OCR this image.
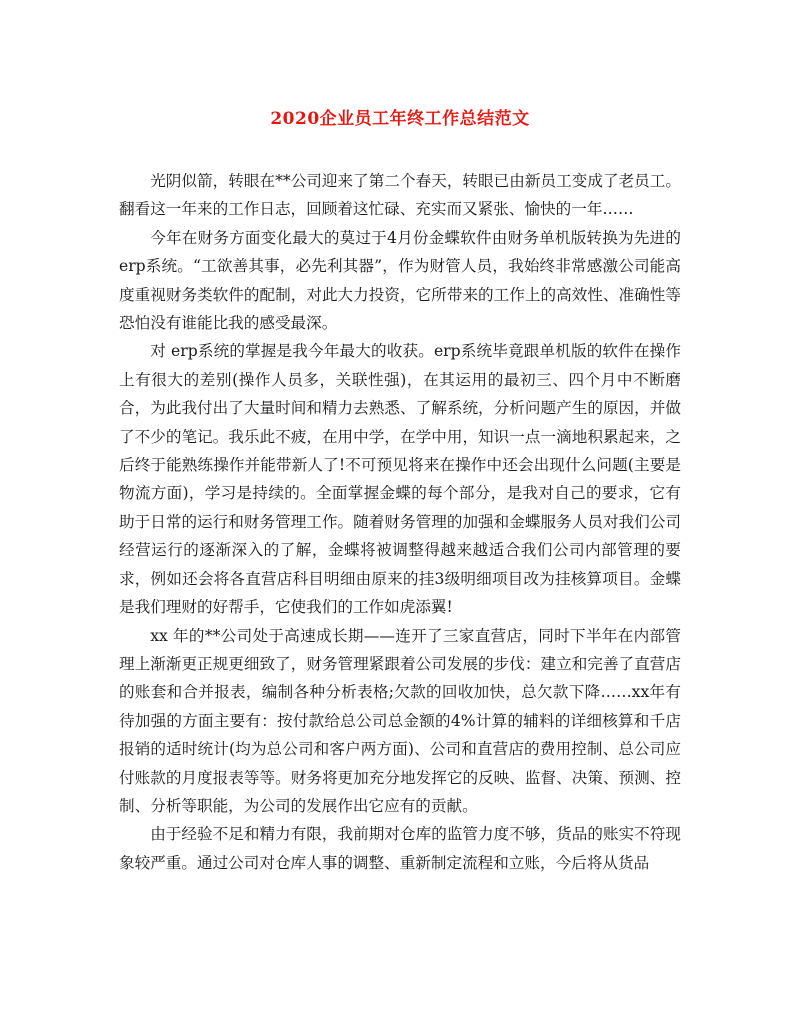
2020企业员工年终工作总结范文

光阴似箭，转眼在**公司迎来了第二个春天，转眼已由新员工变成了老员工。翻看这一年来的工作日志，回顾着这忙碌、充实而又紧张、愉快的一年……

今年在财务方面变化最大的莫过于4月份金蝶软件由财务单机版转换为先进的erp系统。“工欲善其事，必先利其器”，作为财管人员，我始终非常感激公司能高度重视财务类软件的配制，对此大力投资，它所带来的工作上的高效性、准确性等恐怕没有谁能比我的感受最深。

对 erp系统的掌握是我今年最大的收获。erp系统毕竟跟单机版的软件在操作上有很大的差别(操作人员多，关联性强)，在其运用的最初三、四个月中不断磨合，为此我付出了大量时间和精力去熟悉、了解系统，分析问题产生的原因，并做了不少的笔记。我乐此不疲，在用中学，在学中用，知识一点一滴地积累起来，之后终于能熟练操作并能带新人了!不可预见将来在操作中还会出现什么问题(主要是物流方面)，学习是持续的。全面掌握金蝶的每个部分，是我对自己的要求，它有助于日常的运行和财务管理工作。随着财务管理的加强和金蝶服务人员对我们公司经营运行的逐渐深入的了解，金蝶将被调整得越来越适合我们公司内部管理的要求，例如还会将各直营店科目明细由原来的挂3级明细项目改为挂核算项目。金蝶是我们理财的好帮手，它使我们的工作如虎添翼!

xx 年的**公司处于高速成长期——连开了三家直营店，同时下半年在内部管理上渐渐更正规更细致了，财务管理紧跟着公司发展的步伐：建立和完善了直营店的账套和合并报表，编制各种分析表格;欠款的回收加快，总欠款下降……xx年有待加强的方面主要有：按付款给总公司总金额的4%计算的辅料的详细核算和千店报销的适时统计(均为总公司和客户两方面)、公司和直营店的费用控制、总公司应付账款的月度报表等等。财务将更加充分地发挥它的反映、监督、决策、预测、控制、分析等职能，为公司的发展作出它应有的贡献。

由于经验不足和精力有限，我前期对仓库的监管力度不够，货品的账实不符现象较严重。通过公司对仓库人事的调整、重新制定流程和立账，今后将从货品
